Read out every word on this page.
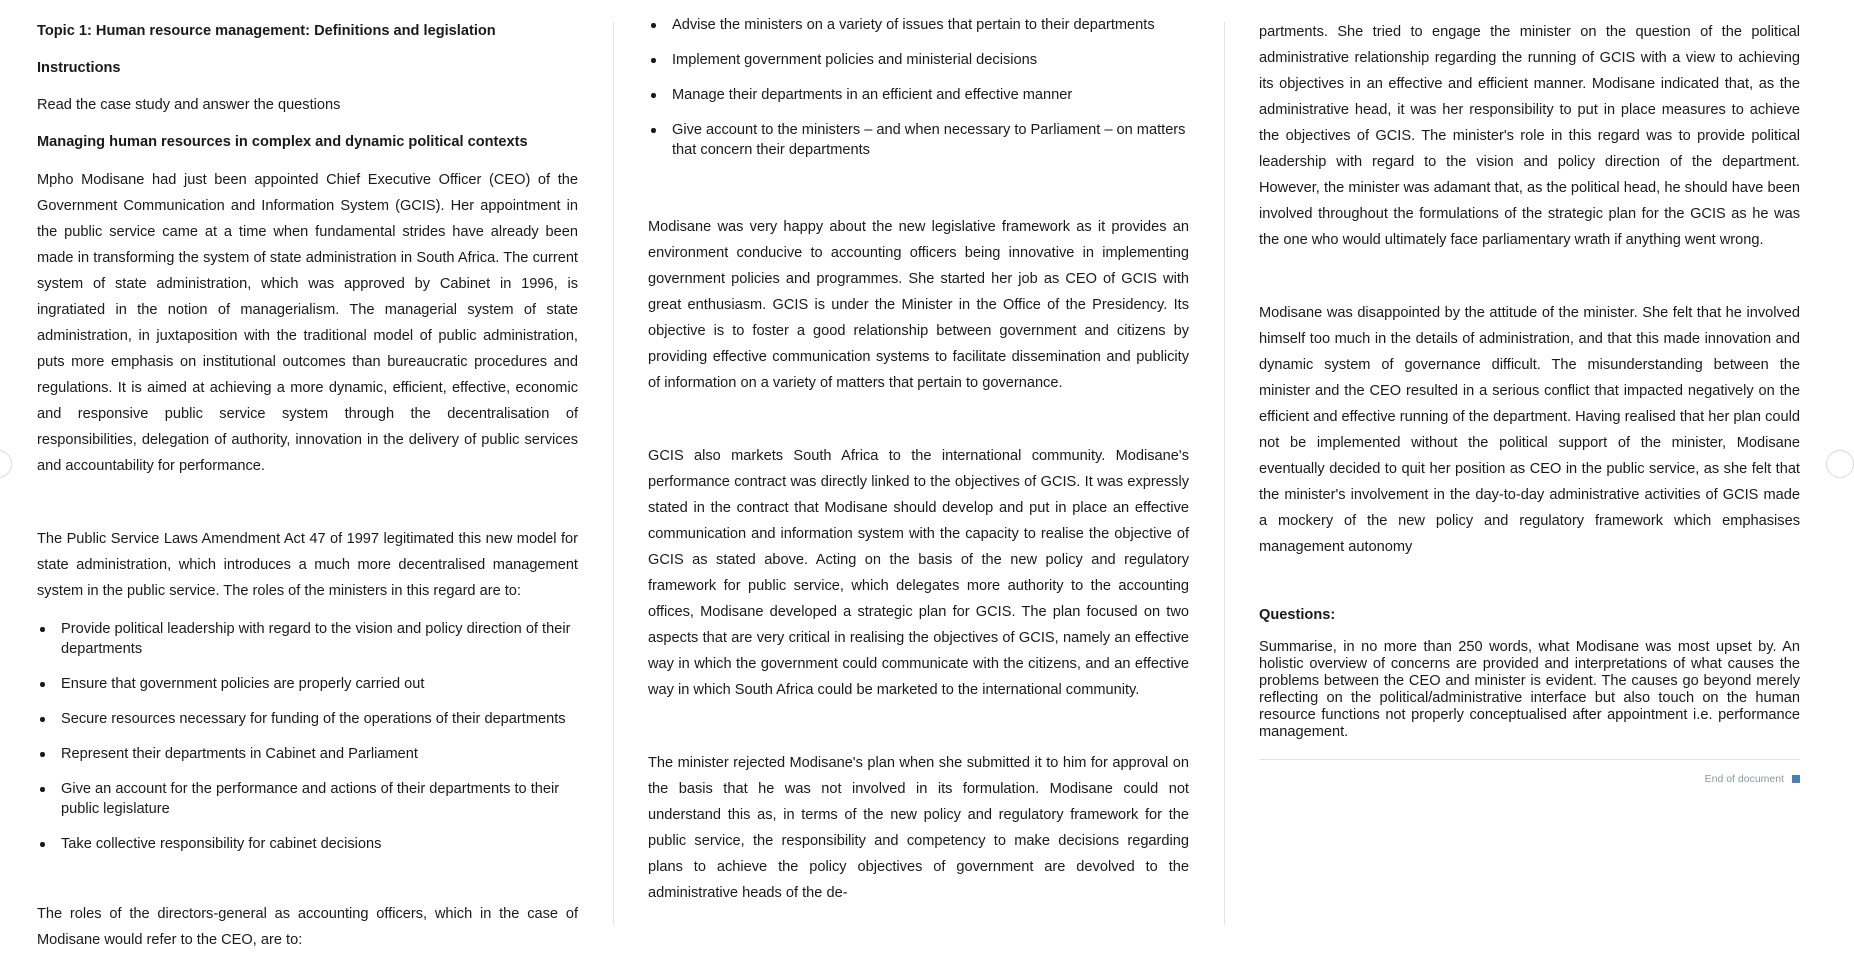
Topic 1: Human resource management: Definitions and legislation

Instructions

Read the case study and answer the questions

Managing human resources in complex and dynamic political contexts

Mpho Modisane had just been appointed Chief Executive Officer (CEO) of the Government Communication and Information System (GCIS). Her appointment in the public service came at a time when fundamental strides have already been made in transforming the system of state administration in South Africa. The current system of state administration, which was approved by Cabinet in 1996, is ingratiated in the notion of managerialism. The managerial system of state administration, in juxtaposition with the traditional model of public administration, puts more emphasis on institutional outcomes than bureaucratic procedures and regulations. It is aimed at achieving a more dynamic, efficient, effective, economic and responsive public service system through the decentralisation of responsibilities, delegation of authority, innovation in the delivery of public services and accountability for performance.

The Public Service Laws Amendment Act 47 of 1997 legitimated this new model for state administration, which introduces a much more decentralised management system in the public service. The roles of the ministers in this regard are to:

Provide political leadership with regard to the vision and policy direction of their departments
Ensure that government policies are properly carried out
Secure resources necessary for funding of the operations of their departments
Represent their departments in Cabinet and Parliament
Give an account for the performance and actions of their departments to their public legislature
Take collective responsibility for cabinet decisions

The roles of the directors-general as accounting officers, which in the case of Modisane would refer to the CEO, are to:

Advise the ministers on a variety of issues that pertain to their departments
Implement government policies and ministerial decisions
Manage their departments in an efficient and effective manner
Give account to the ministers – and when necessary to Parliament – on matters that concern their departments

Modisane was very happy about the new legislative framework as it provides an environment conducive to accounting officers being innovative in implementing government policies and programmes. She started her job as CEO of GCIS with great enthusiasm. GCIS is under the Minister in the Office of the Presidency. Its objective is to foster a good relationship between government and citizens by providing effective communication systems to facilitate dissemination and publicity of information on a variety of matters that pertain to governance.

GCIS also markets South Africa to the international community. Modisane's performance contract was directly linked to the objectives of GCIS. It was expressly stated in the contract that Modisane should develop and put in place an effective communication and information system with the capacity to realise the objective of GCIS as stated above. Acting on the basis of the new policy and regulatory framework for public service, which delegates more authority to the accounting offices, Modisane developed a strategic plan for GCIS. The plan focused on two aspects that are very critical in realising the objectives of GCIS, namely an effective way in which the government could communicate with the citizens, and an effective way in which South Africa could be marketed to the international community.

The minister rejected Modisane's plan when she submitted it to him for approval on the basis that he was not involved in its formulation. Modisane could not understand this as, in terms of the new policy and regulatory framework for the public service, the responsibility and competency to make decisions regarding plans to achieve the policy objectives of government are devolved to the administrative heads of the de-

partments. She tried to engage the minister on the question of the political administrative relationship regarding the running of GCIS with a view to achieving its objectives in an effective and efficient manner. Modisane indicated that, as the administrative head, it was her responsibility to put in place measures to achieve the objectives of GCIS. The minister's role in this regard was to provide political leadership with regard to the vision and policy direction of the department. However, the minister was adamant that, as the political head, he should have been involved throughout the formulations of the strategic plan for the GCIS as he was the one who would ultimately face parliamentary wrath if anything went wrong.

Modisane was disappointed by the attitude of the minister. She felt that he involved himself too much in the details of administration, and that this made innovation and dynamic system of governance difficult. The misunderstanding between the minister and the CEO resulted in a serious conflict that impacted negatively on the efficient and effective running of the department. Having realised that her plan could not be implemented without the political support of the minister, Modisane eventually decided to quit her position as CEO in the public service, as she felt that the minister's involvement in the day-to-day administrative activities of GCIS made a mockery of the new policy and regulatory framework which emphasises management autonomy

Questions:

Summarise, in no more than 250 words, what Modisane was most upset by. An holistic overview of concerns are provided and interpretations of what causes the problems between the CEO and minister is evident. The causes go beyond merely reflecting on the political/administrative interface but also touch on the human resource functions not properly conceptualised after appointment i.e. performance management.

End of document
